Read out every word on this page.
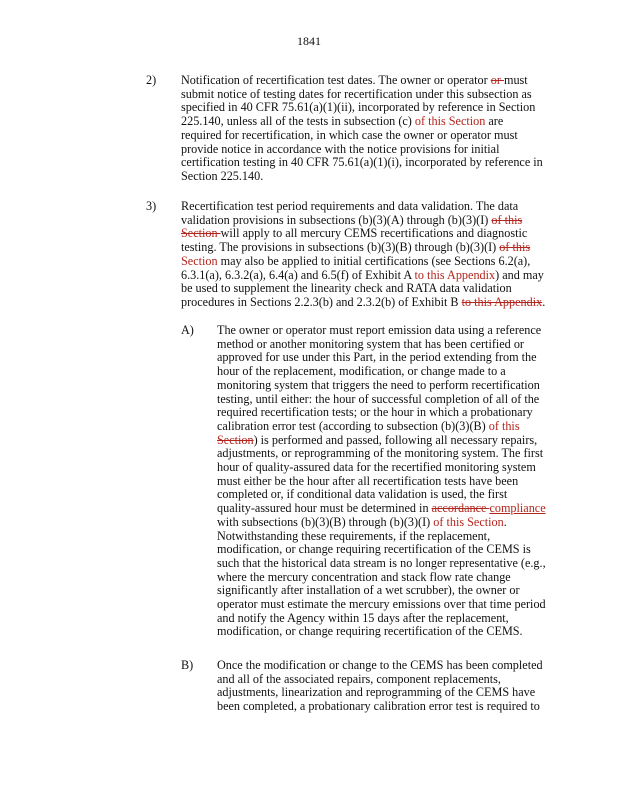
1841
2) Notification of recertification test dates. The owner or operator or must
submit notice of testing dates for recertification under this subsection as
specified in 40 CFR 75.61(a)(1)(ii), incorporated by reference in Section
225.140, unless all of the tests in subsection (c) of this Section are
required for recertification, in which case the owner or operator must
provide notice in accordance with the notice provisions for initial
certification testing in 40 CFR 75.61(a)(1)(i), incorporated by reference in
Section 225.140.
3) Recertification test period requirements and data validation. The data
validation provisions in subsections (b)(3)(A) through (b)(3)(I) of this
Section will apply to all mercury CEMS recertifications and diagnostic
testing. The provisions in subsections (b)(3)(B) through (b)(3)(I) of this
Section may also be applied to initial certifications (see Sections 6.2(a),
6.3.1(a), 6.3.2(a), 6.4(a) and 6.5(f) of Exhibit A to this Appendix) and may
be used to supplement the linearity check and RATA data validation
procedures in Sections 2.2.3(b) and 2.3.2(b) of Exhibit B to this Appendix.
A) The owner or operator must report emission data using a reference
method or another monitoring system that has been certified or
approved for use under this Part, in the period extending from the
hour of the replacement, modification, or change made to a
monitoring system that triggers the need to perform recertification
testing, until either: the hour of successful completion of all of the
required recertification tests; or the hour in which a probationary
calibration error test (according to subsection (b)(3)(B) of this
Section) is performed and passed, following all necessary repairs,
adjustments, or reprogramming of the monitoring system. The first
hour of quality-assured data for the recertified monitoring system
must either be the hour after all recertification tests have been
completed or, if conditional data validation is used, the first
quality-assured hour must be determined in accordance compliance
with subsections (b)(3)(B) through (b)(3)(I) of this Section.
Notwithstanding these requirements, if the replacement,
modification, or change requiring recertification of the CEMS is
such that the historical data stream is no longer representative (e.g.,
where the mercury concentration and stack flow rate change
significantly after installation of a wet scrubber), the owner or
operator must estimate the mercury emissions over that time period
and notify the Agency within 15 days after the replacement,
modification, or change requiring recertification of the CEMS.
B) Once the modification or change to the CEMS has been completed
and all of the associated repairs, component replacements,
adjustments, linearization and reprogramming of the CEMS have
been completed, a probationary calibration error test is required to
